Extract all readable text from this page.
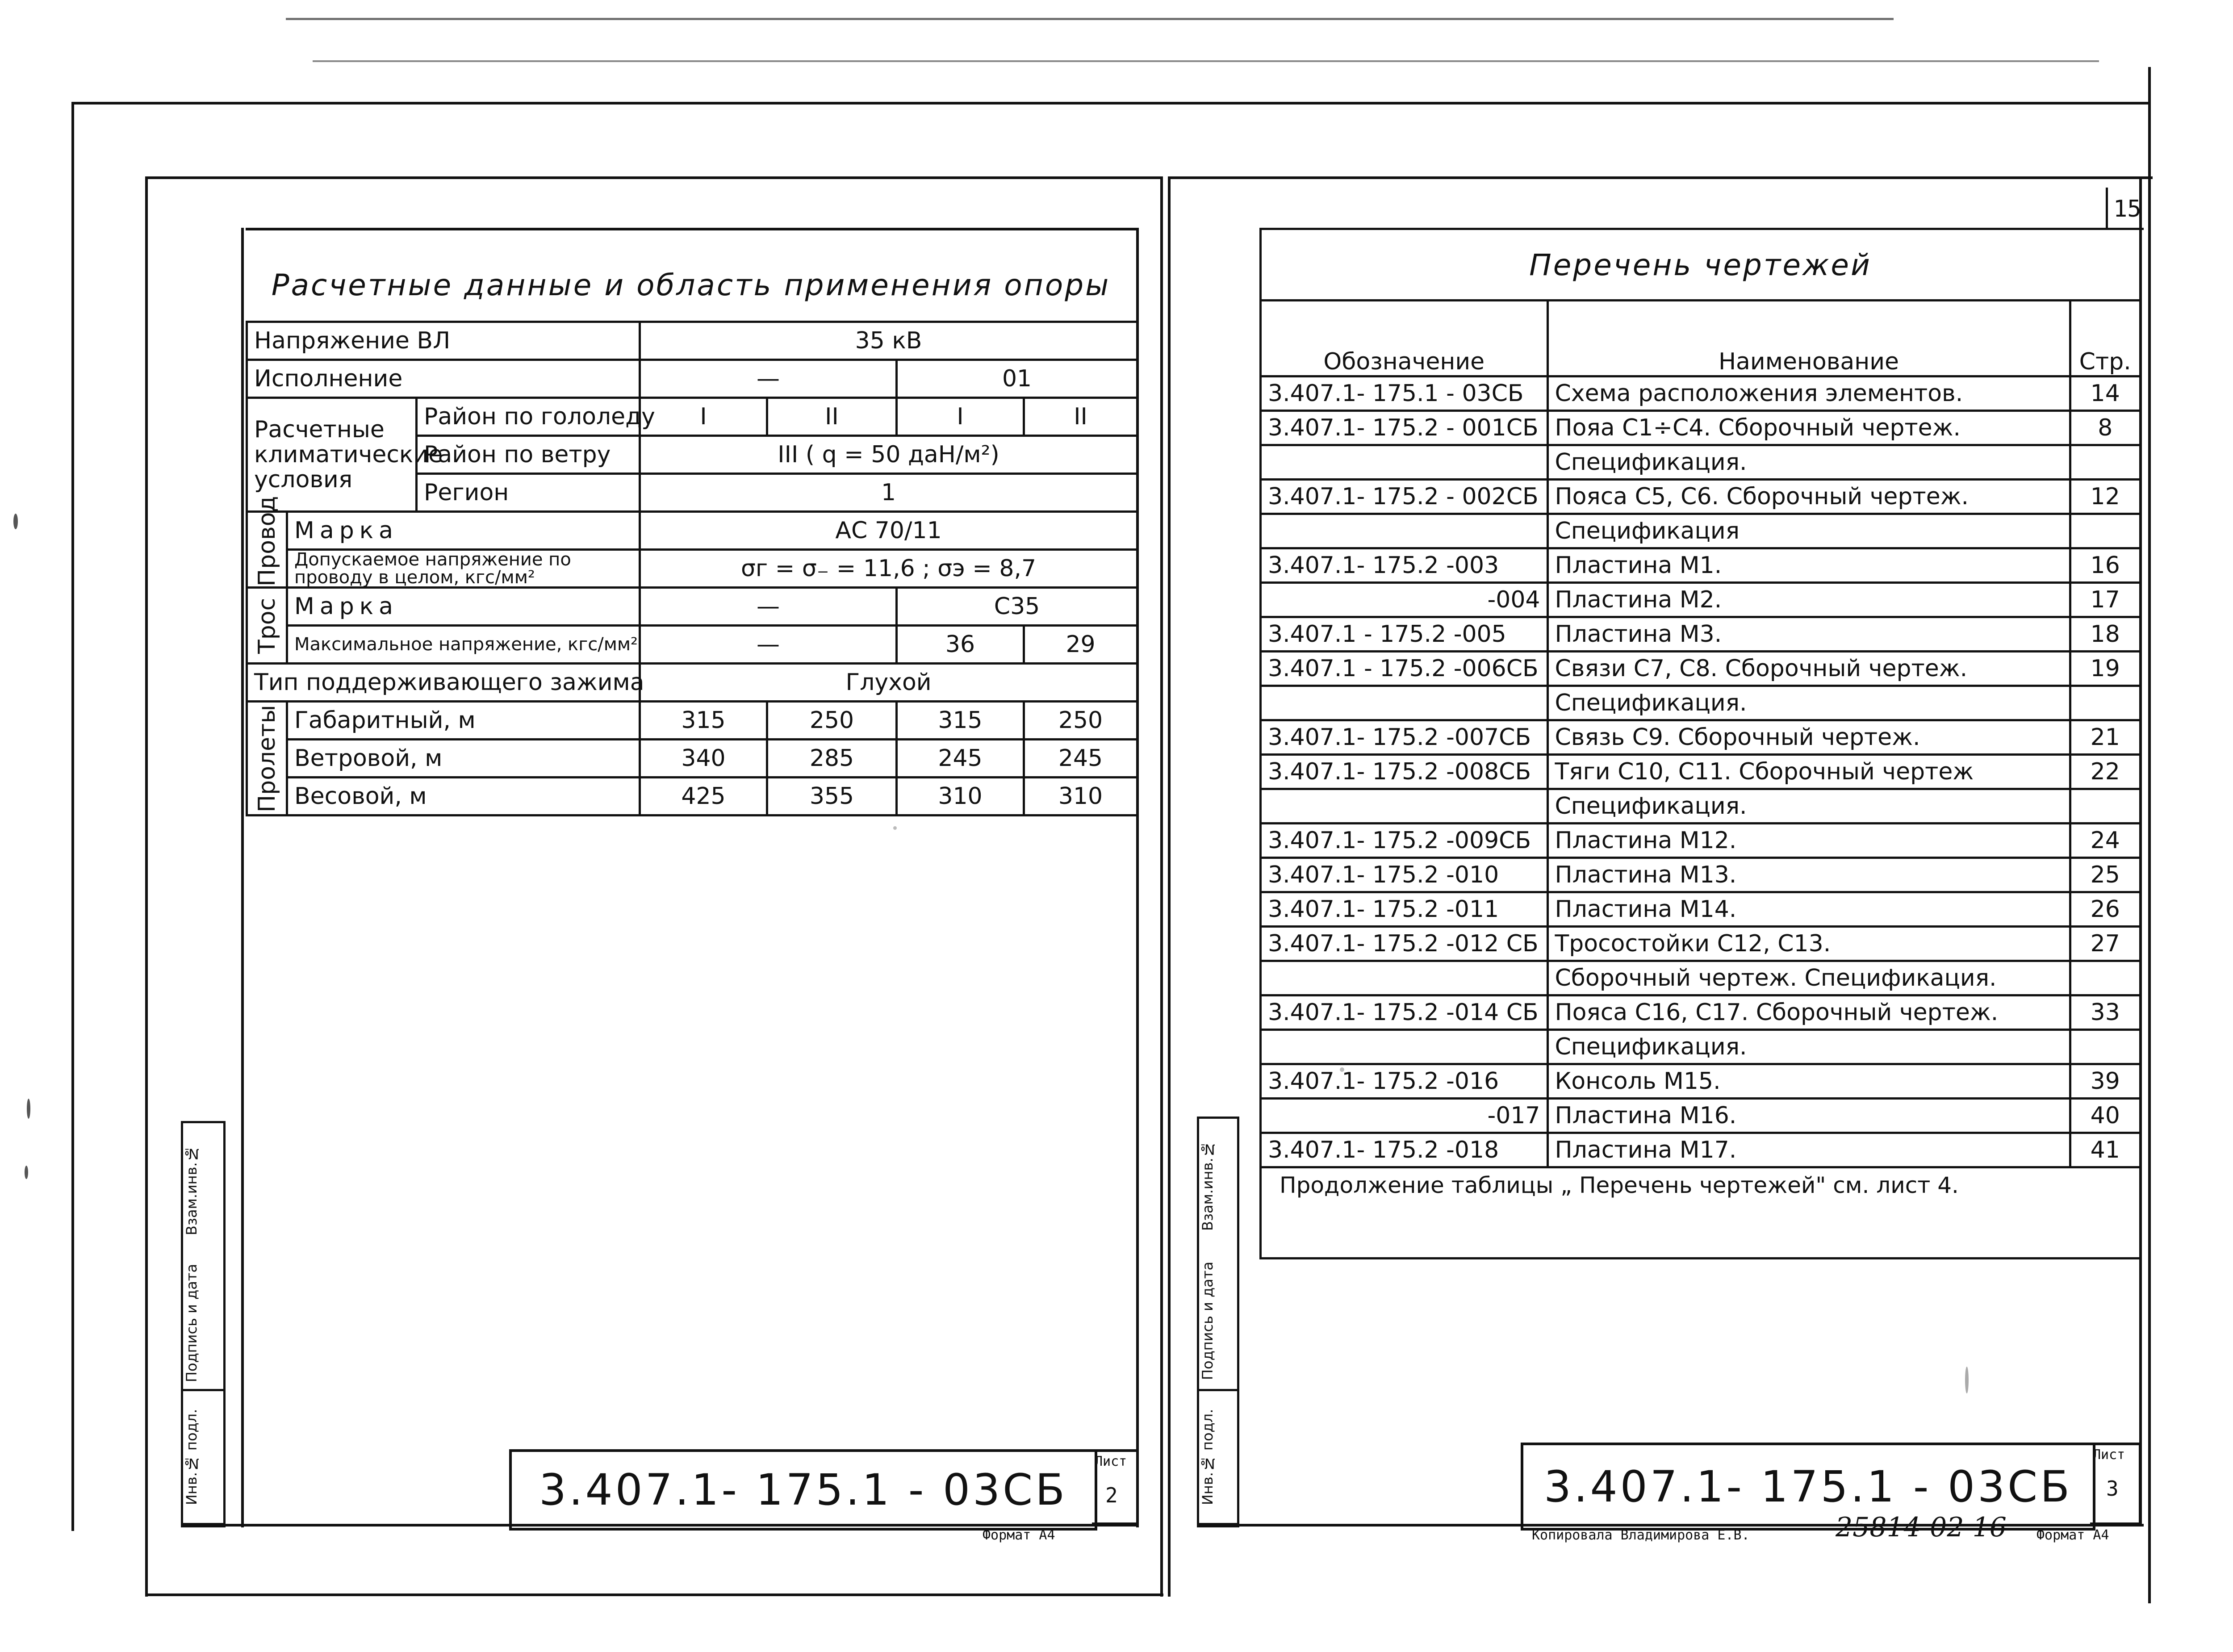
Расчетные данные и область применения опоры
Напряжение ВЛ			35 кВ			
Исполнение			—		01	
Расчетные климатические условия		Район по гололеду	I	II	I	II
		Район по ветру	III ( q = 50 даН/м²)			
		Регион	1			
Провод	Марка		АС 70/11			
	Допускаемое напряжение по проводу в целом, кгс/мм²		σг = σ₋ = 11,6 ; σэ = 8,7			
Трос	Марка		—		С35	
	Максимальное напряжение, кгс/мм²		—		36	29
Тип поддерживающего зажима			Глухой			
Пролеты	Габаритный, м		315	250	315	250
	Ветровой, м		340	285	245	245
	Весовой, м		425	355	310	310
Взам.инв.№
Подпись и дата
Инв.№ подл.	3.407.1- 175.1 - 03СБ
Лист
2
Формат А4
15
Перечень чертежей
Обозначение	Наименование	Стр.
3.407.1- 175.1 - 03СБ	Схема расположения элементов.	14
3.407.1- 175.2 - 001СБ	Пояа С1÷С4. Сборочный чертеж.	8
	Спецификация.	
3.407.1- 175.2 - 002СБ	Пояса С5, С6. Сборочный чертеж.	12
	Спецификация	
3.407.1- 175.2 -003	Пластина М1.	16
-004	Пластина М2.	17
3.407.1 - 175.2 -005	Пластина М3.	18
3.407.1 - 175.2 -006СБ	Связи С7, С8. Сборочный чертеж.	19
	Спецификация.	
3.407.1- 175.2 -007СБ	Связь С9. Сборочный чертеж.	21
3.407.1- 175.2 -008СБ	Тяги С10, С11. Сборочный чертеж	22
	Спецификация.	
3.407.1- 175.2 -009СБ	Пластина М12.	24
3.407.1- 175.2 -010	Пластина М13.	25
3.407.1- 175.2 -011	Пластина М14.	26
3.407.1- 175.2 -012 СБ	Тросостойки С12, С13.	27
	Сборочный чертеж. Спецификация.	
3.407.1- 175.2 -014 СБ	Пояса С16, С17. Сборочный чертеж.	33
	Спецификация.	
3.407.1- 175.2 -016	Консоль М15.	39
-017	Пластина М16.	40
3.407.1- 175.2 -018	Пластина М17.	41
Продолжение таблицы „ Перечень чертежей" см. лист 4.
Взам.инв.№
Подпись и дата
Инв.№ подл.	3.407.1- 175.1 - 03СБ
Лист
3
Копировала Владимирова Е.В.	25814-02 16 Формат А4
